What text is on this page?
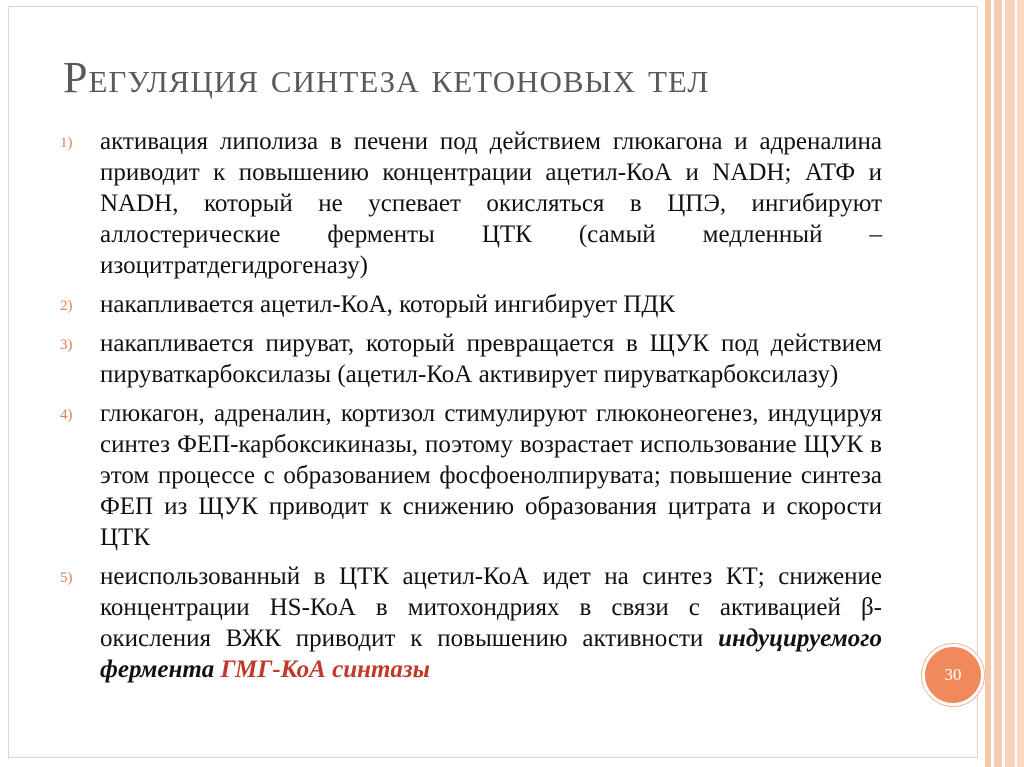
Регуляция синтеза кетоновых тел
1) активация липолиза в печени под действием глюкагона и адреналина приводит к повышению концентрации ацетил-КоА и NADH; АТФ и NADH, который не успевает окисляться в ЦПЭ, ингибируют аллостерические ферменты ЦТК (самый медленный – изоцитратдегидрогеназу)
2) накапливается ацетил-КоА, который ингибирует ПДК
3) накапливается пируват, который превращается в ЩУК под действием пируваткарбоксилазы (ацетил-КоА активирует пируваткарбоксилазу)
4) глюкагон, адреналин, кортизол стимулируют глюконеогенез, индуцируя синтез ФЕП-карбоксикиназы, поэтому возрастает использование ЩУК в этом процессе с образованием фосфоенолпирувата; повышение синтеза ФЕП из ЩУК приводит к снижению образования цитрата и скорости ЦТК
5) неиспользованный в ЦТК ацетил-КоА идет на синтез КТ; снижение концентрации HS-КоА в митохондриях в связи с активацией β-окисления ВЖК приводит к повышению активности индуцируемого фермента ГМГ-КоА синтазы	30
